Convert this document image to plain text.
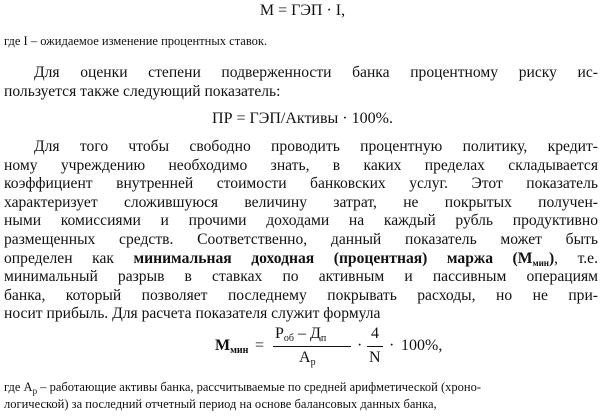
M = ГЭП · I,
где I – ожидаемое изменение процентных ставок.
Для оценки степени подверженности банка процентному риску ис-
пользуется также следующий показатель:
ПР = ГЭП/Активы · 100%.
Для того чтобы свободно проводить процентную политику, кредит-
ному учреждению необходимо знать, в каких пределах складывается
коэффициент внутренней стоимости банковских услуг. Этот показатель
характеризует сложившуюся величину затрат, не покрытых получен-
ными комиссиями и прочими доходами на каждый рубль продуктивно
размещенных средств. Соответственно, данный показатель может быть
определен как минимальная доходная (процентная) маржа $(M_{мин})$, т.е.
минимальный разрыв в ставках по активным и пассивным операциям
банка, который позволяет последнему покрывать расходы, но не при-
носит прибыль. Для расчета показателя служит формула
$M_{мин}$ =
$P_{об} - Д_п$
$A_p$
·
4
N
· 100%,
где $A_р$ – работающие активы банка, рассчитываемые по средней арифметической (хроно-
логической) за последний отчетный период на основе балансовых данных банка,
